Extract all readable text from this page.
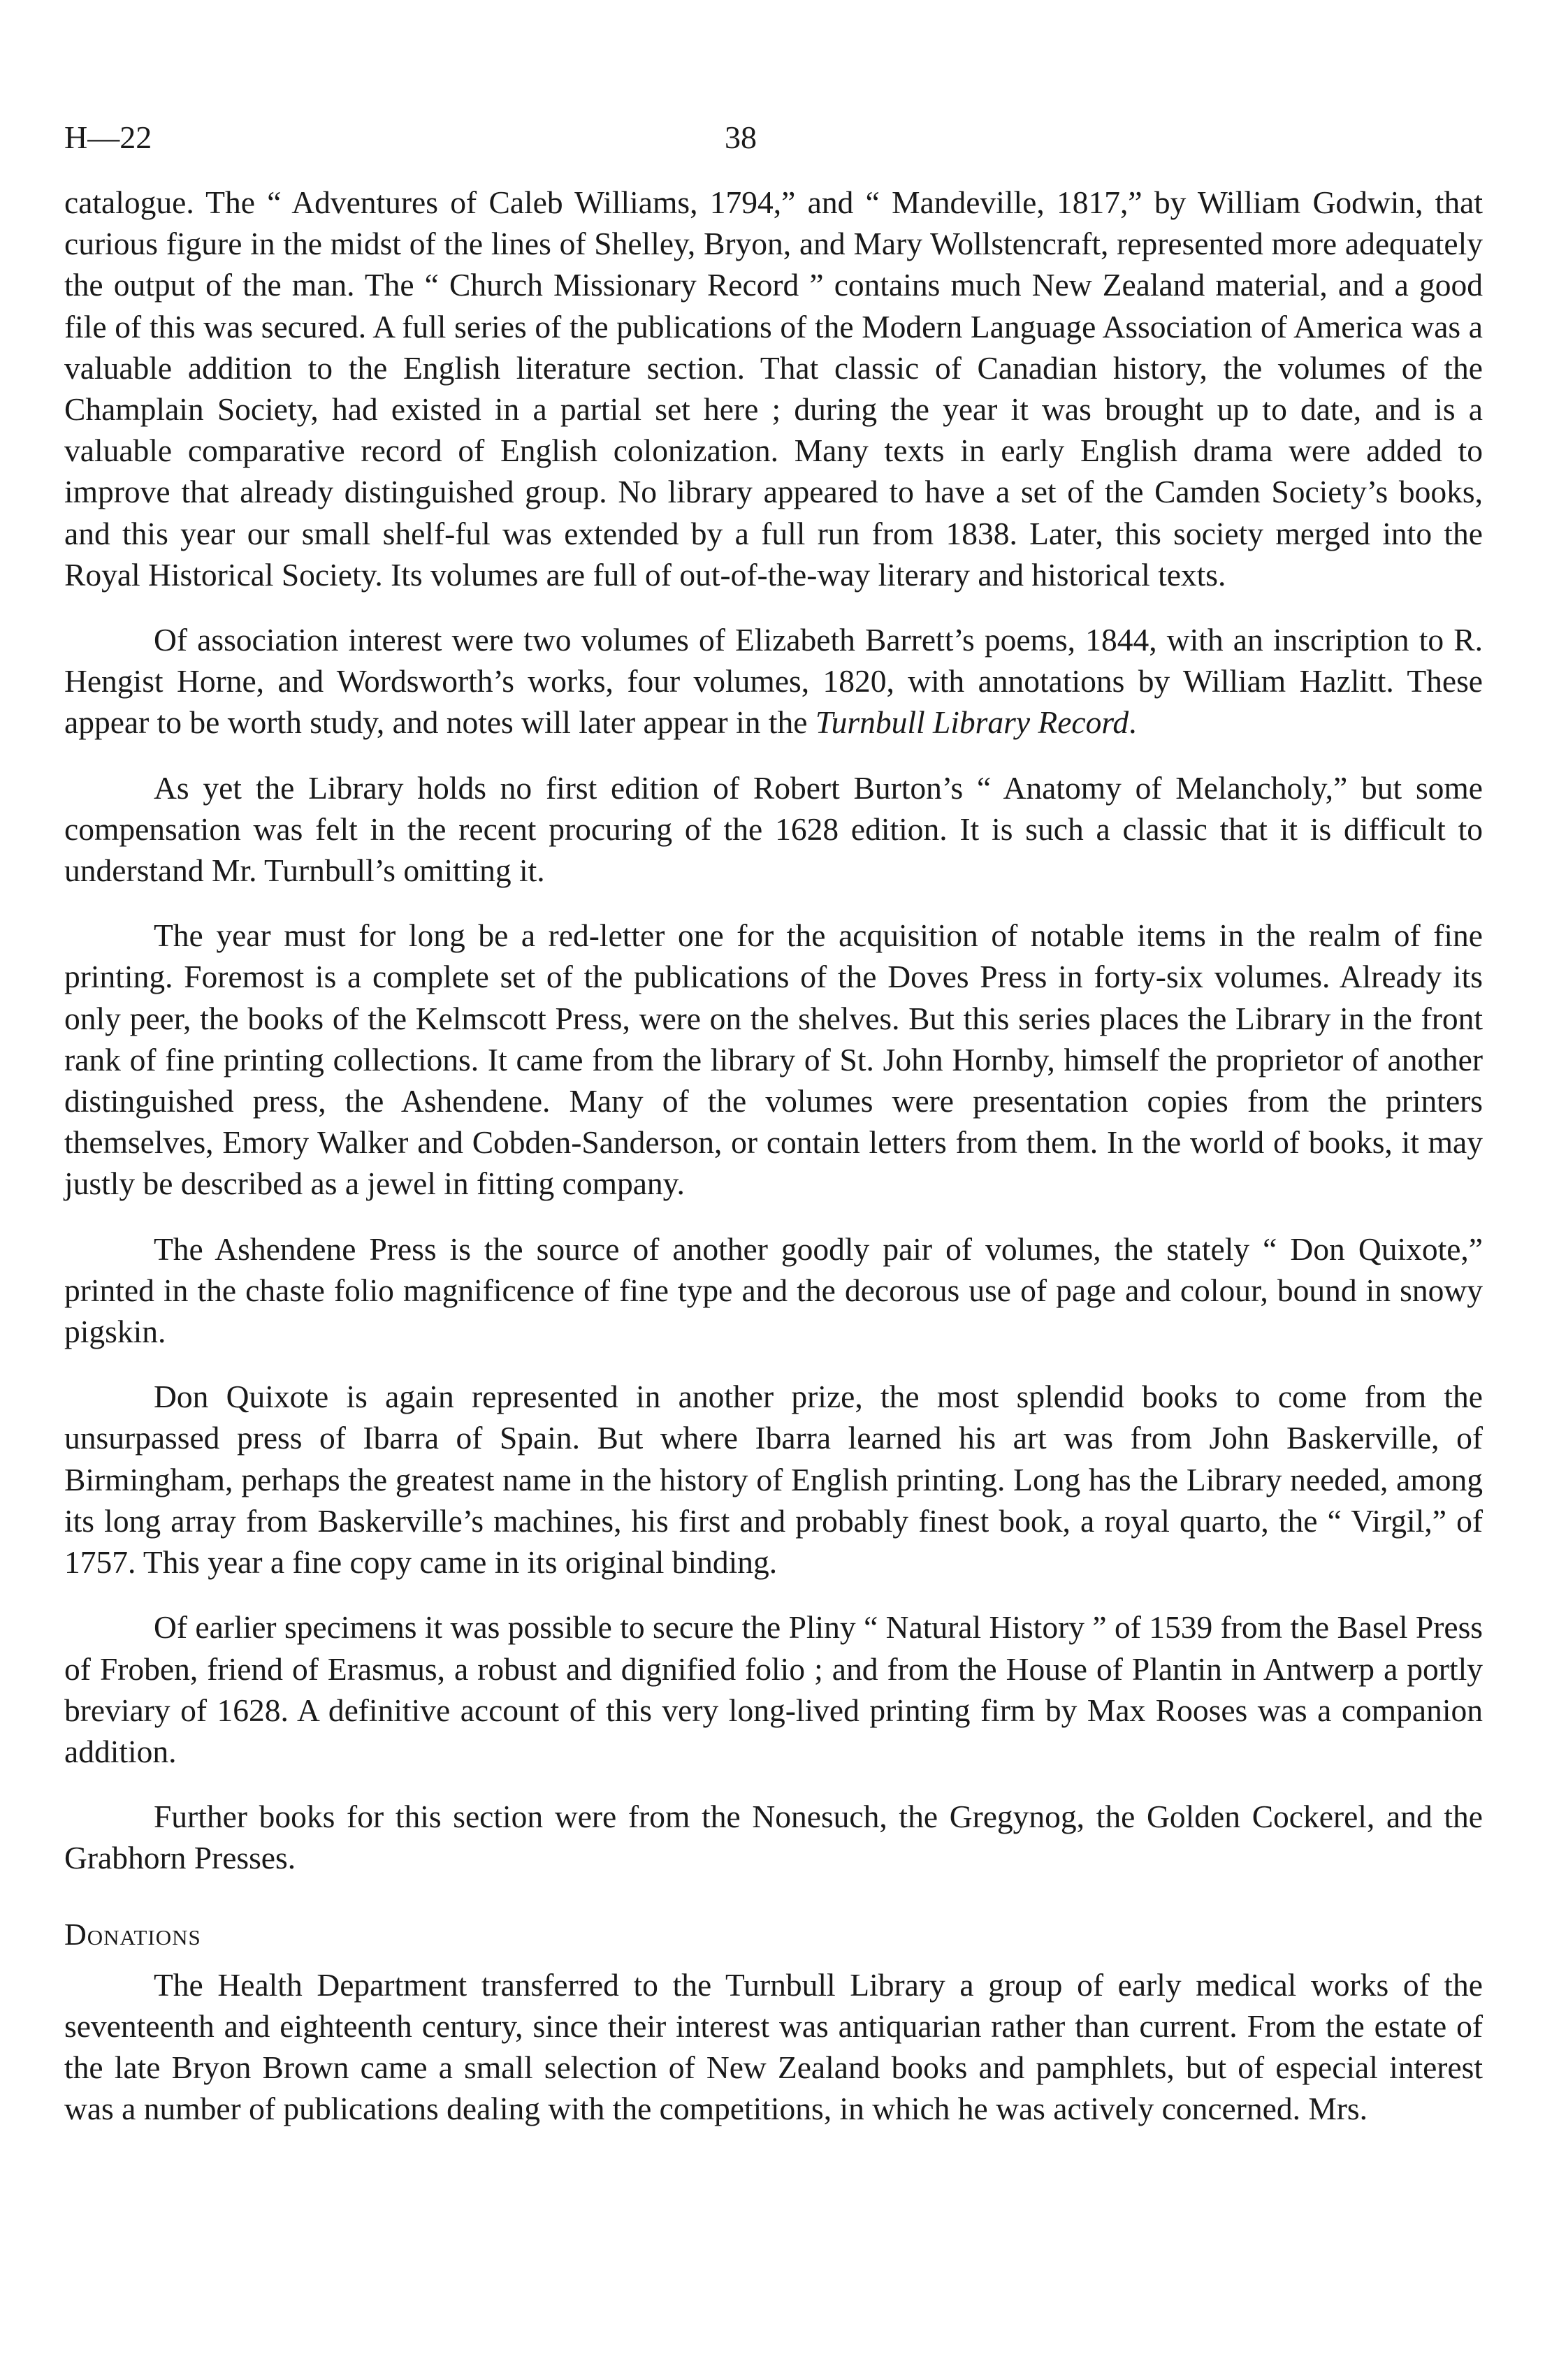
H—22	38

catalogue. The “ Adventures of Caleb Williams, 1794,” and “ Mandeville, 1817,” by William Godwin, that curious figure in the midst of the lines of Shelley, Bryon, and Mary Wollstencraft, represented more adequately the output of the man. The “ Church Missionary Record ” contains much New Zealand material, and a good file of this was secured. A full series of the publications of the Modern Language Association of America was a valuable addition to the English literature section. That classic of Canadian history, the volumes of the Champlain Society, had existed in a partial set here ; during the year it was brought up to date, and is a valuable comparative record of English colonization. Many texts in early English drama were added to improve that already distinguished group. No library appeared to have a set of the Camden Society’s books, and this year our small shelf-ful was extended by a full run from 1838. Later, this society merged into the Royal Historical Society. Its volumes are full of out-of-the-way literary and historical texts.

Of association interest were two volumes of Elizabeth Barrett’s poems, 1844, with an inscription to R. Hengist Horne, and Wordsworth’s works, four volumes, 1820, with annotations by William Hazlitt. These appear to be worth study, and notes will later appear in the Turnbull Library Record.

As yet the Library holds no first edition of Robert Burton’s “ Anatomy of Melancholy,” but some compensation was felt in the recent procuring of the 1628 edition. It is such a classic that it is difficult to understand Mr. Turnbull’s omitting it.

The year must for long be a red-letter one for the acquisition of notable items in the realm of fine printing. Foremost is a complete set of the publications of the Doves Press in forty-six volumes. Already its only peer, the books of the Kelmscott Press, were on the shelves. But this series places the Library in the front rank of fine printing collections. It came from the library of St. John Hornby, himself the proprietor of another distinguished press, the Ashendene. Many of the volumes were presentation copies from the printers themselves, Emory Walker and Cobden-Sanderson, or contain letters from them. In the world of books, it may justly be described as a jewel in fitting company.

The Ashendene Press is the source of another goodly pair of volumes, the stately “ Don Quixote,” printed in the chaste folio magnificence of fine type and the decorous use of page and colour, bound in snowy pigskin.

Don Quixote is again represented in another prize, the most splendid books to come from the unsurpassed press of Ibarra of Spain. But where Ibarra learned his art was from John Baskerville, of Birmingham, perhaps the greatest name in the history of English printing. Long has the Library needed, among its long array from Baskerville’s machines, his first and probably finest book, a royal quarto, the “ Virgil,” of 1757. This year a fine copy came in its original binding.

Of earlier specimens it was possible to secure the Pliny “ Natural History ” of 1539 from the Basel Press of Froben, friend of Erasmus, a robust and dignified folio ; and from the House of Plantin in Antwerp a portly breviary of 1628. A definitive account of this very long-lived printing firm by Max Rooses was a companion addition.

Further books for this section were from the Nonesuch, the Gregynog, the Golden Cockerel, and the Grabhorn Presses.

Donations

The Health Department transferred to the Turnbull Library a group of early medical works of the seventeenth and eighteenth century, since their interest was antiquarian rather than current. From the estate of the late Bryon Brown came a small selection of New Zealand books and pamphlets, but of especial interest was a number of publications dealing with the competitions, in which he was actively concerned. Mrs.
